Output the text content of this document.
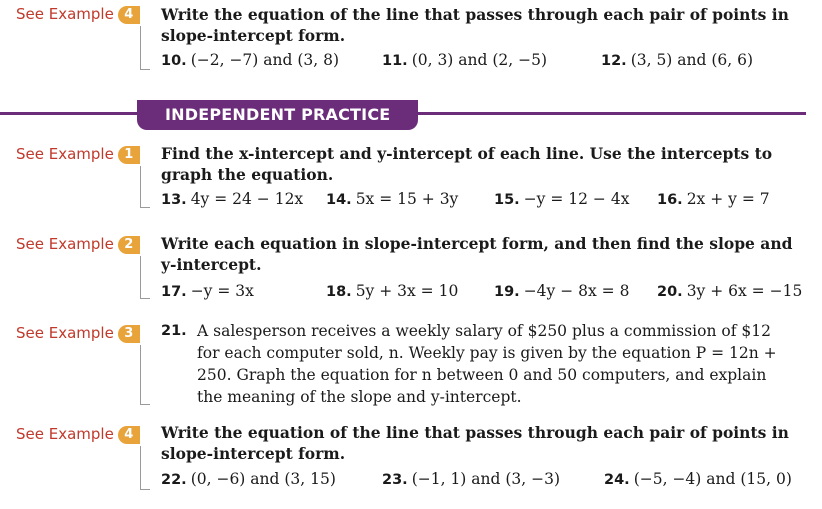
See Example 4	Write the equation of the line that passes through each pair of points in slope-intercept form.
10. (−2, −7) and (3, 8)	11. (0, 3) and (2, −5)	12. (3, 5) and (6, 6)
INDEPENDENT PRACTICE
See Example 1	Find the x-intercept and y-intercept of each line. Use the intercepts to graph the equation.
13. 4y = 24 − 12x 14. 5x = 15 + 3y 15. −y = 12 − 4x 16. 2x + y = 7
See Example 2	Write each equation in slope-intercept form, and then find the slope and y-intercept.
17. −y = 3x	18. 5y + 3x = 10 19. −4y − 8x = 8 20. 3y + 6x = −15
See Example 3	21. A salesperson receives a weekly salary of $250 plus a commission of $12 for each computer sold, n. Weekly pay is given by the equation P = 12n + 250. Graph the equation for n between 0 and 50 computers, and explain the meaning of the slope and y-intercept.
See Example 4	Write the equation of the line that passes through each pair of points in slope-intercept form.
22. (0, −6) and (3, 15)	23. (−1, 1) and (3, −3)	24. (−5, −4) and (15, 0)
